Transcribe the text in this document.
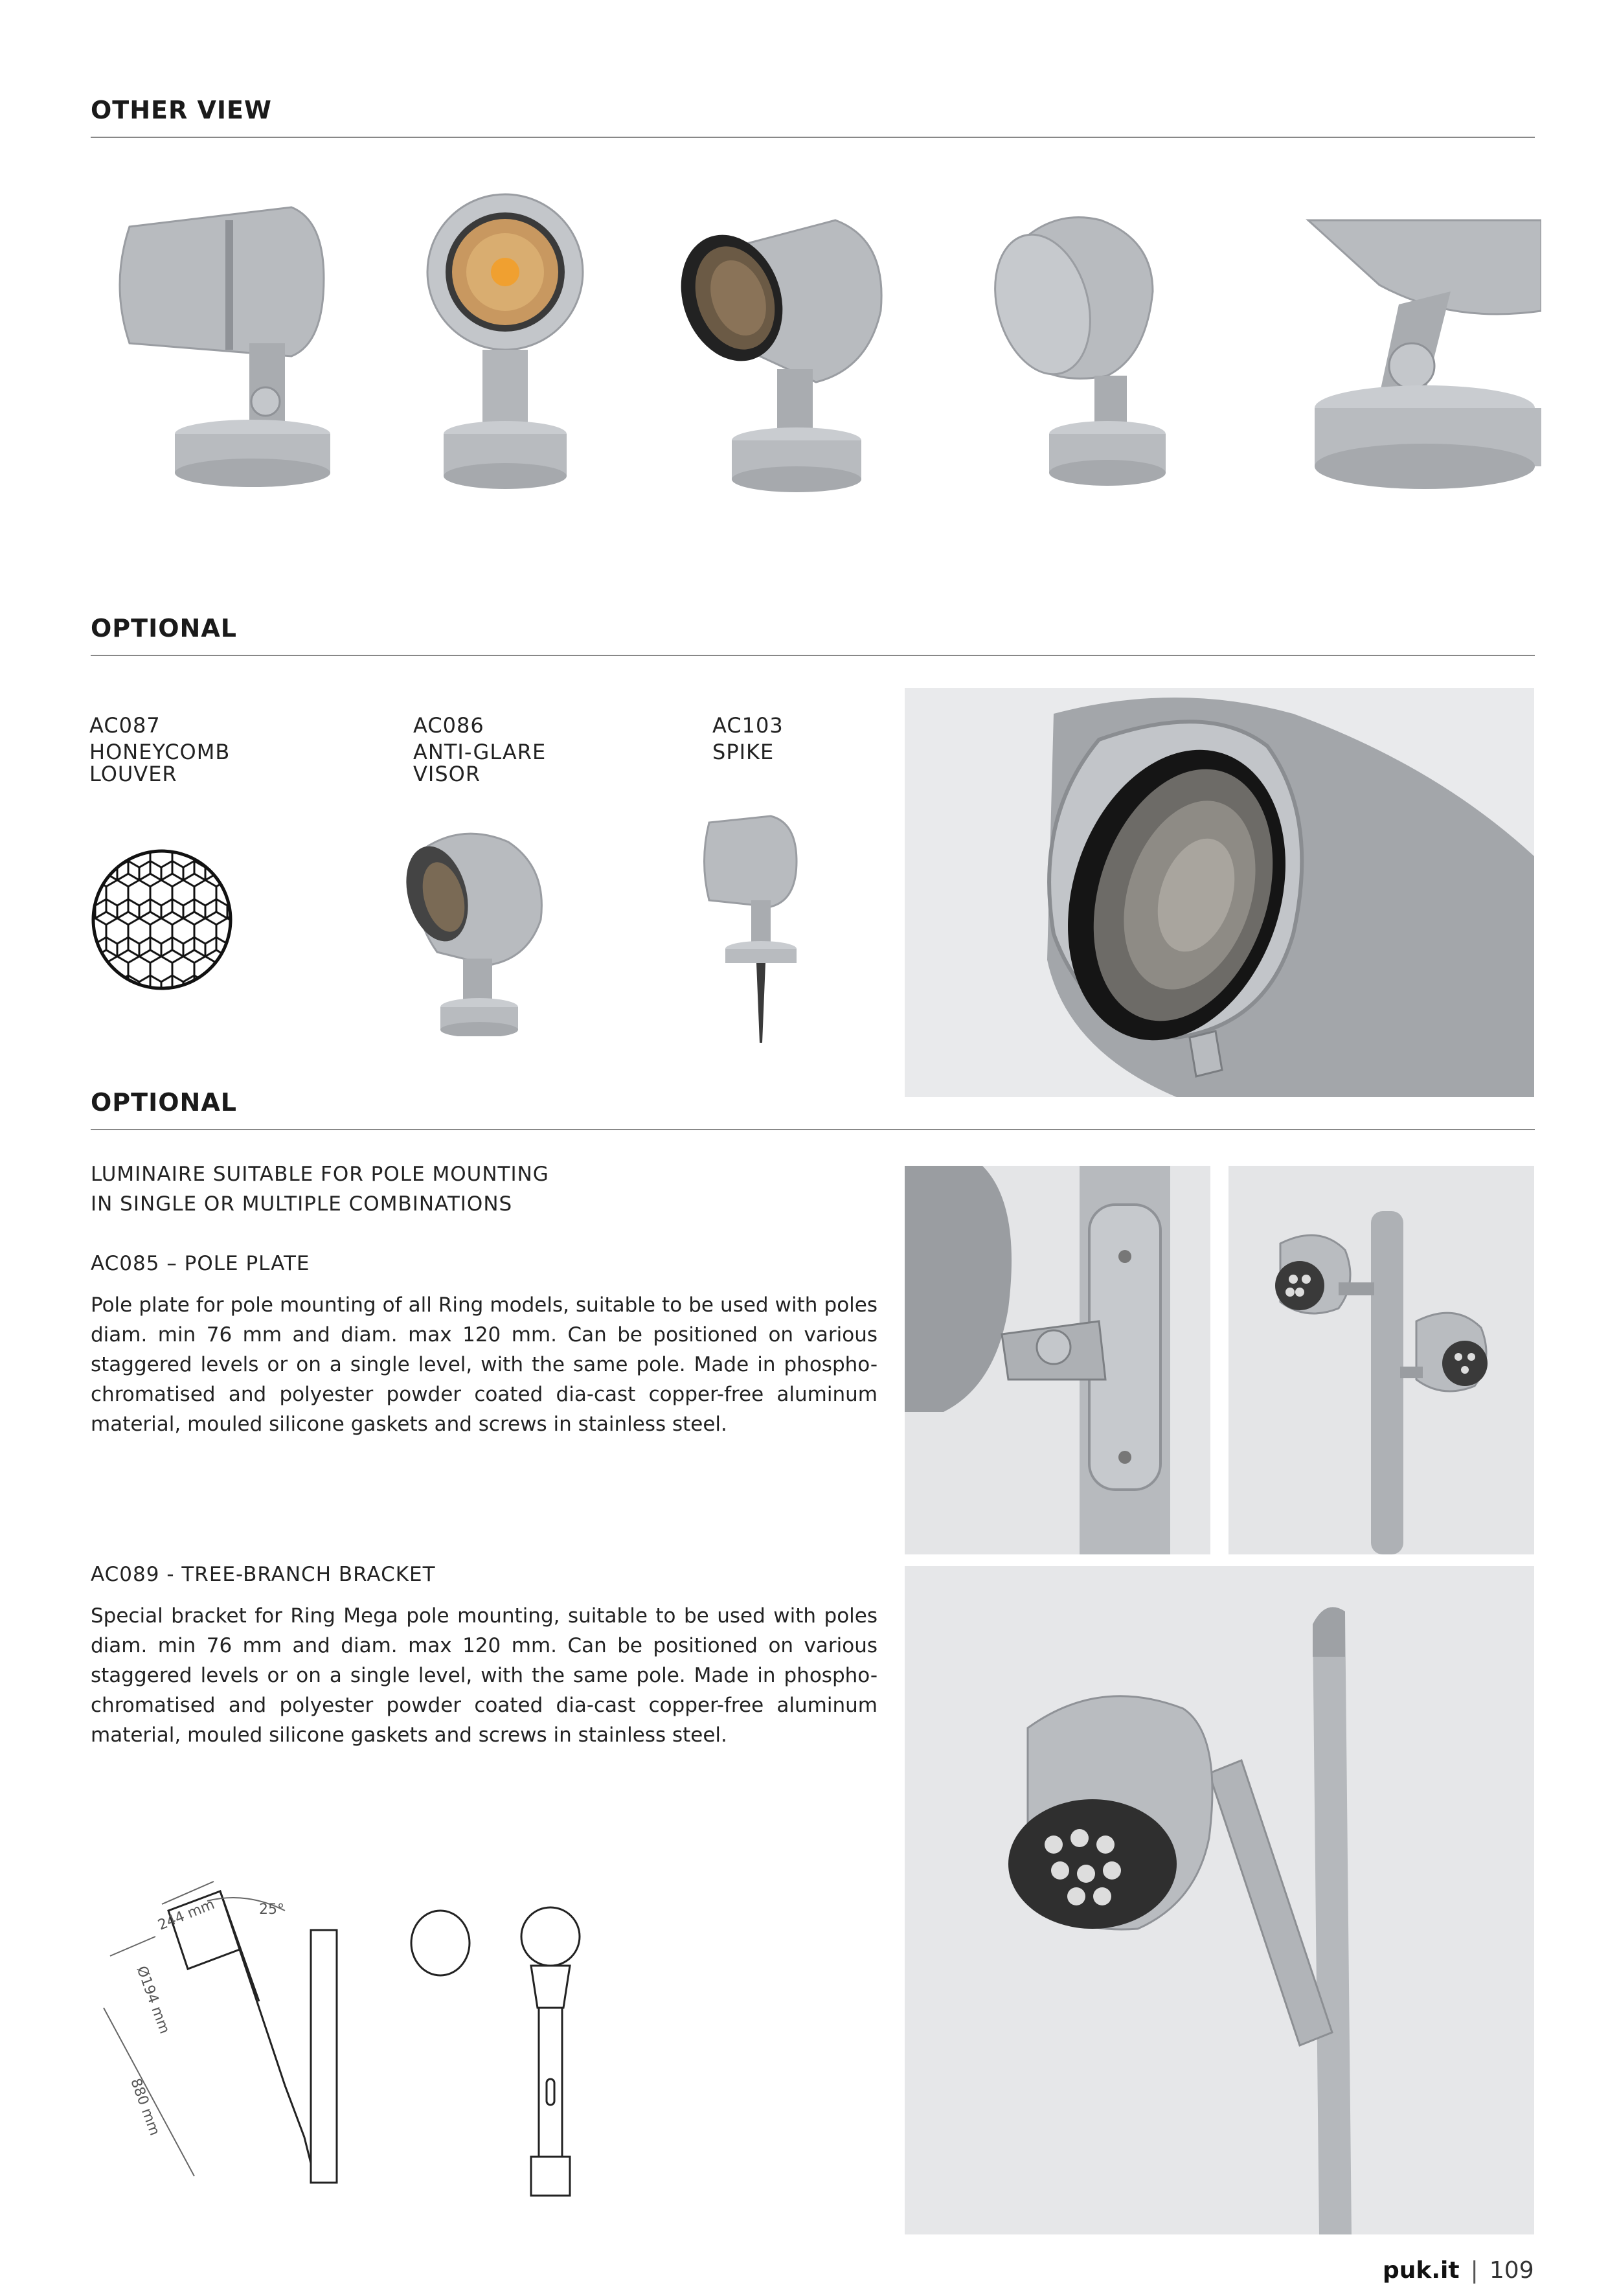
OTHER VIEW
OPTIONAL
AC087
HONEYCOMB
LOUVER
AC086
ANTI-GLARE
VISOR
AC103
SPIKE
OPTIONAL
LUMINAIRE SUITABLE FOR POLE MOUNTING
IN SINGLE OR MULTIPLE COMBINATIONS
AC085 – POLE PLATE
Pole plate for pole mounting of all Ring models, suitable to be used with poles diam. min 76 mm and diam. max 120 mm. Can be positioned on various staggered levels or on a single level, with the same pole. Made in phospho-chromatised and polyester powder coated dia-cast copper-free aluminum material, mouled silicone gaskets and screws in stainless steel.
AC089 - TREE-BRANCH BRACKET
Special bracket for Ring Mega pole mounting, suitable to be used with poles diam. min 76 mm and diam. max 120 mm. Can be positioned on various staggered levels or on a single level, with the same pole. Made in phospho-chromatised and polyester powder coated dia-cast copper-free aluminum material, mouled silicone gaskets and screws in stainless steel.
244 mm	25°
Ø194 mm
880 mm
puk.it | 109
